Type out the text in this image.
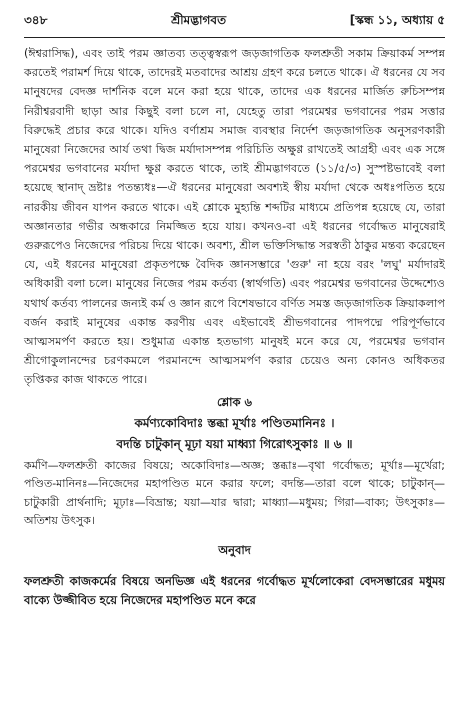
৩৪৮	শ্রীমদ্ভাগবত	[স্কন্ধ ১১, অধ্যায় ৫

(ঈশ্বরাসিদ্ধ), এবং তাই পরম জ্ঞাতব্য তত্ত্বস্বরূপ জড়জাগতিক ফলশ্রুতী সকাম ক্রিয়াকর্ম সম্পন্ন করতেই পরামর্শ দিয়ে থাকে, তাদেরই মতবাদের আশ্রয় গ্রহণ করে চলতে থাকে। ঐ ধরনের যে সব মানুষদের বেদজ্ঞ দার্শনিক বলে মনে করা হয়ে থাকে, তাদের এক ধরনের মার্জিত রুচিসম্পন্ন নিরীশ্বরবাদী ছাড়া আর কিছুই বলা চলে না, যেহেতু তারা পরমেশ্বর ভগবানের পরম সত্তার বিরুদ্ধেই প্রচার করে থাকে। যদিও বর্ণাশ্রম সমাজ ব্যবস্থার নির্দেশ জড়জাগতিক অনুসরণকারী মানুষেরা নিজেদের আর্য তথা দ্বিজ মর্যাদাসম্পন্ন পরিচিতি অক্ষুণ্ণ রাখতেই আগ্রহী এবং এক সঙ্গে পরমেশ্বর ভগবানের মর্যাদা ক্ষুণ্ণ করতে থাকে, তাই শ্রীমদ্ভাগবতে (১১/৫/৩) সুস্পষ্টভাবেই বলা হয়েছে স্থানাদ্ ভ্রষ্টাঃ পতন্ত্যধঃ—ঐ ধরনের মানুষেরা অবশ্যই স্বীয় মর্যাদা থেকে অধঃপতিত হয়ে নারকীয় জীবন যাপন করতে থাকে। এই শ্লোকে মুহ্যন্তি শব্দটির মাধ্যমে প্রতিপন্ন হয়েছে যে, তারা অজ্ঞানতার গভীর অন্ধকারে নিমজ্জিত হয়ে যায়। কখনও-বা এই ধরনের গর্বোদ্ধত মানুষেরাই গুরুরূপেও নিজেদের পরিচয় দিয়ে থাকে। অবশ্য, শ্রীল ভক্তিসিদ্ধান্ত সরস্বতী ঠাকুর মন্তব্য করেছেন যে, এই ধরনের মানুষেরা প্রকৃতপক্ষে বৈদিক জ্ঞানসম্ভারে 'গুরু' না হয়ে বরং 'লঘু' মর্যাদারই অধিকারী বলা চলে। মানুষের নিজের পরম কর্তব্য (স্বার্থগতি) এবং পরমেশ্বর ভগবানের উদ্দেশ্যেও যথার্থ কর্তব্য পালনের জন্যই কর্ম ও জ্ঞান রূপে বিশেষভাবে বর্ণিত সমস্ত জড়জাগতিক ক্রিয়াকলাপ বর্জন করাই মানুষের একান্ত করণীয় এবং এইভাবেই শ্রীভগবানের পাদপদ্মে পরিপূর্ণভাবে আত্মসমর্পণ করতে হয়। শুধুমাত্র একান্ত হতভাগ্য মানুষই মনে করে যে, পরমেশ্বর ভগবান শ্রীগোকুলানন্দের চরণকমলে পরমানন্দে আত্মসমর্পণ করার চেয়েও অন্য কোনও অধিকতর তৃপ্তিকর কাজ থাকতে পারে।

শ্লোক ৬
কর্মণ্যকোবিদাঃ স্তব্ধা মূর্খাঃ পণ্ডিতমানিনঃ ।
বদন্তি চাটুকান্ মূঢ়া যয়া মাধ্ব্যা গিরোৎসুকাঃ ॥ ৬ ॥

কর্মণি—ফলশ্রুতী কাজের বিষয়ে; অকোবিদাঃ—অজ্ঞ; স্তব্ধাঃ—বৃথা গর্বোদ্ধত; মূর্খাঃ—মূর্খেরা; পণ্ডিত-মানিনঃ—নিজেদের মহাপণ্ডিত মনে করার ফলে; বদন্তি—তারা বলে থাকে; চাটুকান্—চাটুকারী প্রার্থনাদি; মূঢ়াঃ—বিভ্রান্ত; যয়া—যার দ্বারা; মাধ্ব্যা—মধুময়; গিরা—বাক্য; উৎসুকাঃ—অতিশয় উৎসুক।

অনুবাদ

ফলশ্রুতী কাজকর্মের বিষয়ে অনভিজ্ঞ এই ধরনের গর্বোদ্ধত মূর্খলোকেরা বেদসম্ভারের মধুময় বাক্যে উজ্জীবিত হয়ে নিজেদের মহাপণ্ডিত মনে করে
